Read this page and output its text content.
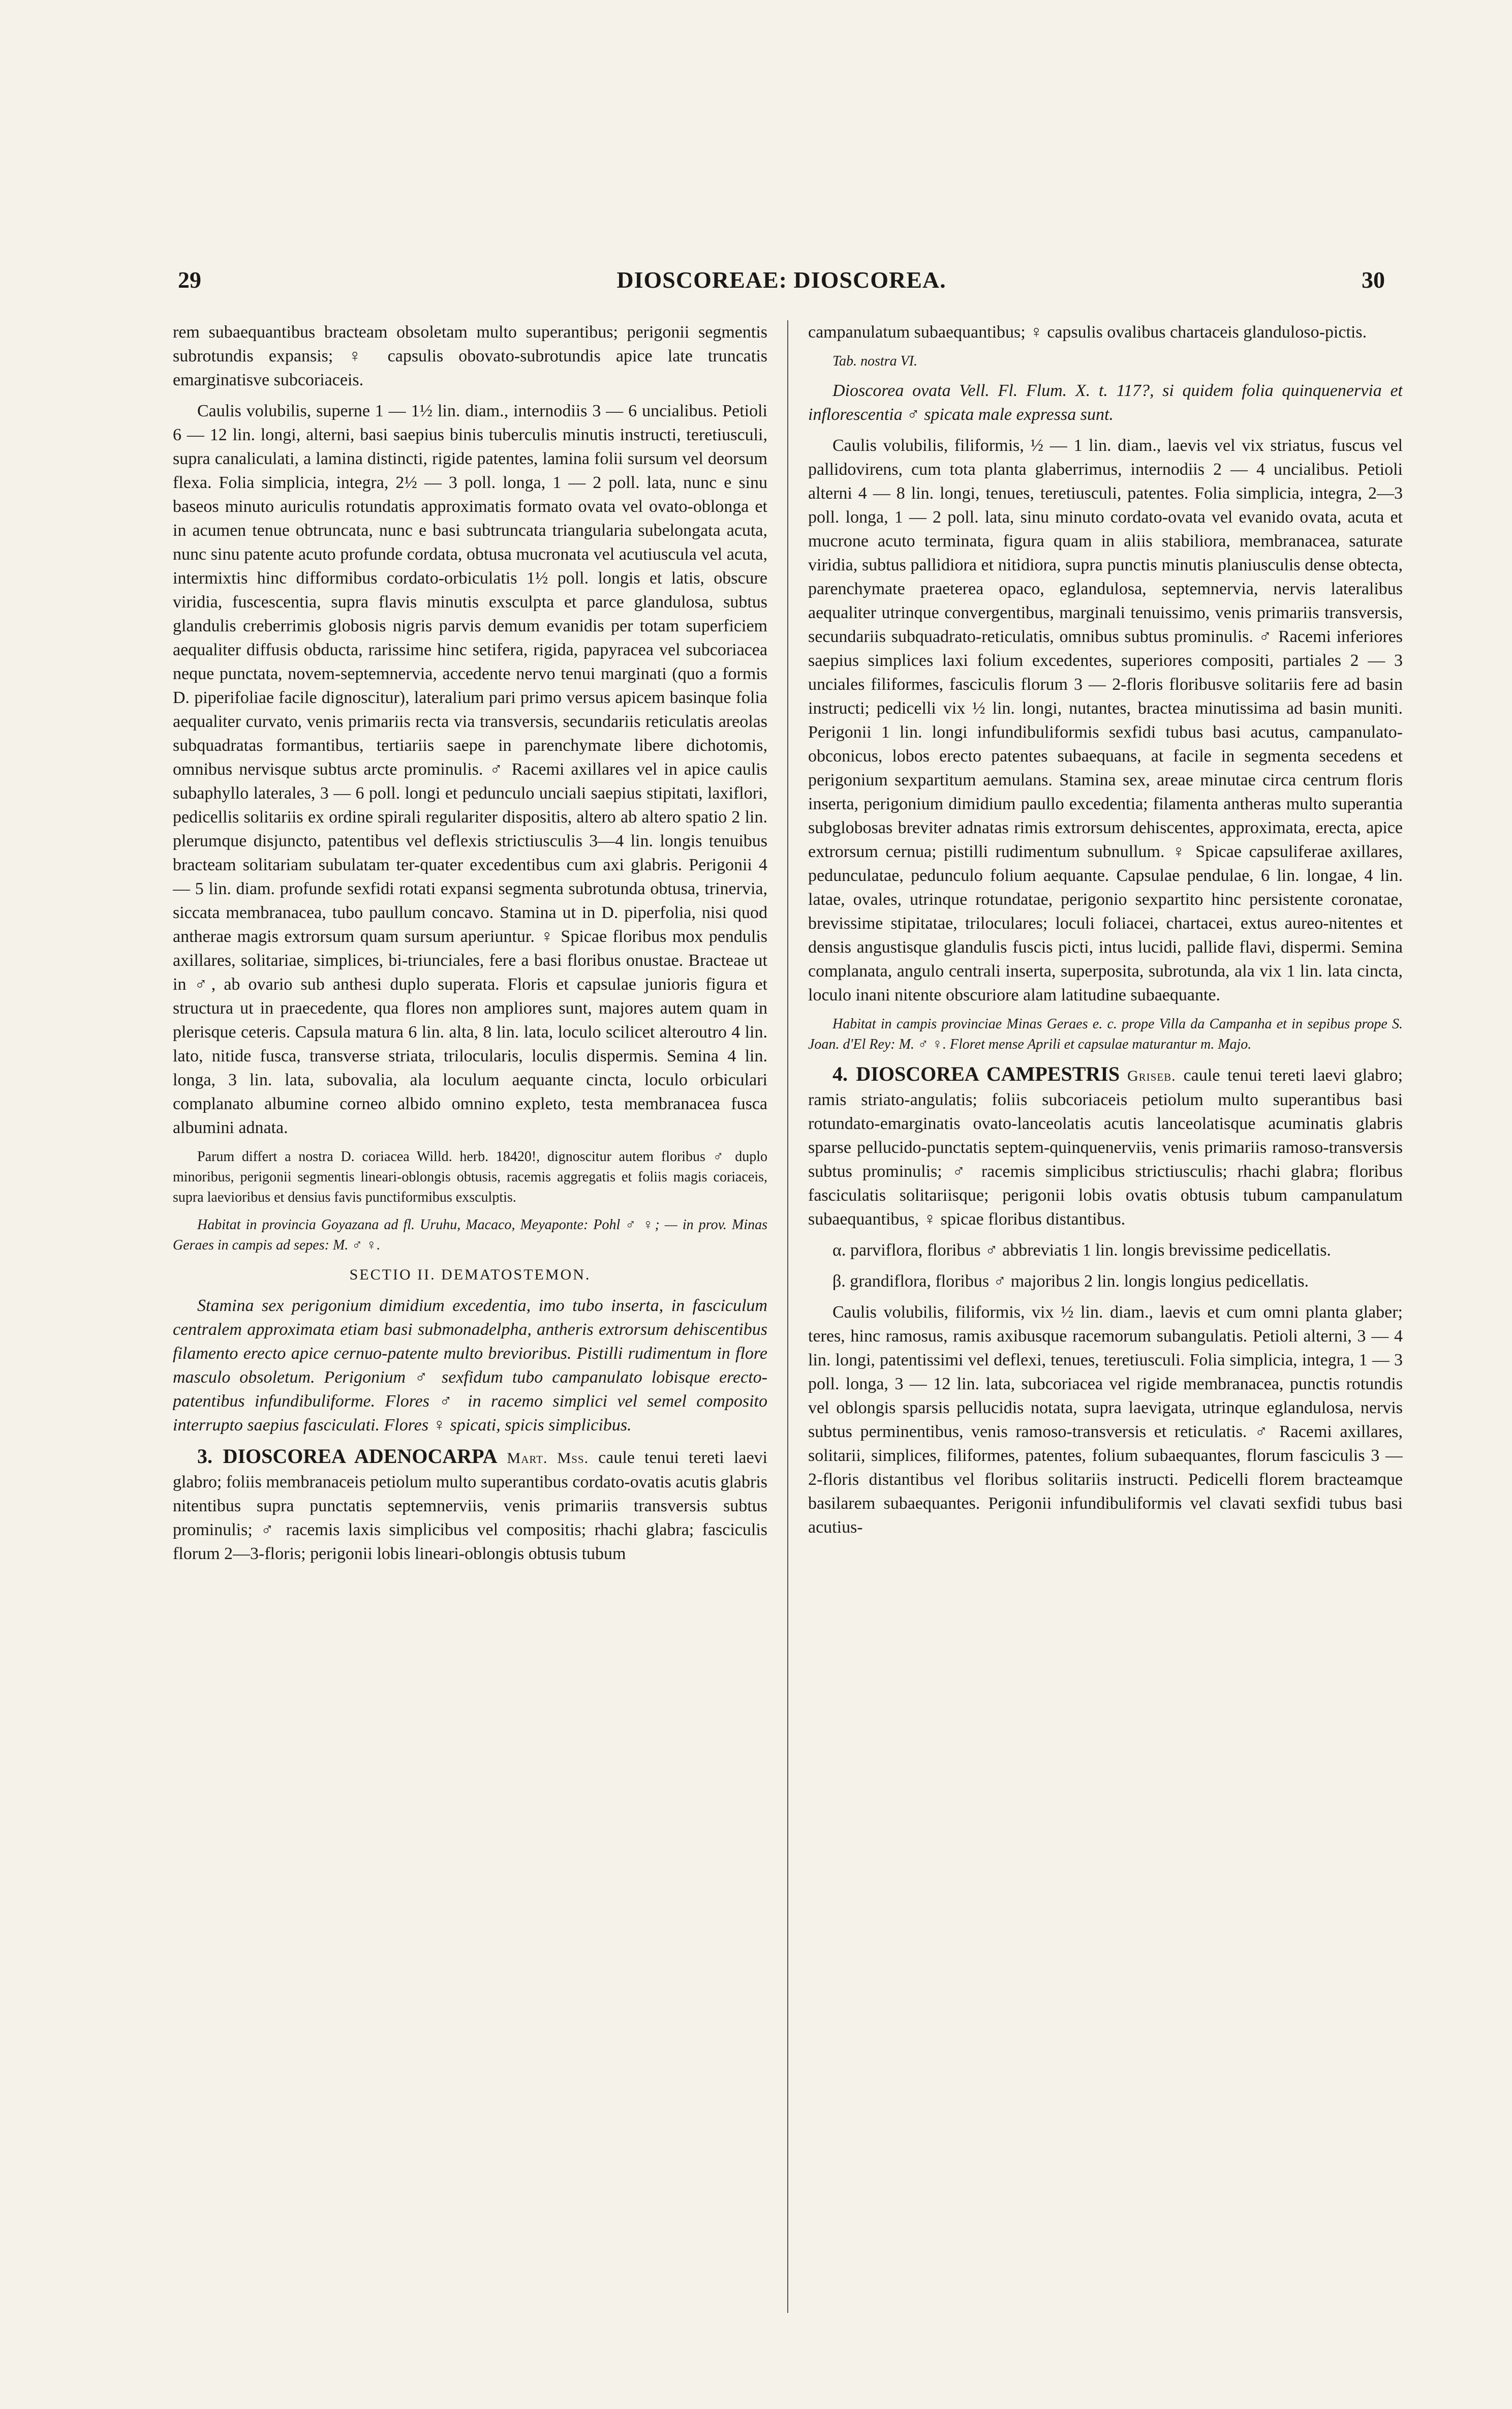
29	DIOSCOREAE: DIOSCOREA.	30

rem subaequantibus bracteam obsoletam multo superantibus; perigonii segmentis subrotundis expansis; ♀ capsulis obovato-subrotundis apice late truncatis emarginatisve subcoriaceis.

Caulis volubilis, superne 1 — 1½ lin. diam., internodiis 3 — 6 uncialibus. Petioli 6 — 12 lin. longi, alterni, basi saepius binis tuberculis minutis instructi, teretiusculi, supra canaliculati, a lamina distincti, rigide patentes, lamina folii sursum vel deorsum flexa. Folia simplicia, integra, 2½ — 3 poll. longa, 1 — 2 poll. lata, nunc e sinu baseos minuto auriculis rotundatis approximatis formato ovata vel ovato-oblonga et in acumen tenue obtruncata, nunc e basi subtruncata triangularia subelongata acuta, nunc sinu patente acuto profunde cordata, obtusa mucronata vel acutiuscula vel acuta, intermixtis hinc difformibus cordato-orbiculatis 1½ poll. longis et latis, obscure viridia, fuscescentia, supra flavis minutis exsculpta et parce glandulosa, subtus glandulis creberrimis globosis nigris parvis demum evanidis per totam superficiem aequaliter diffusis obducta, rarissime hinc setifera, rigida, papyracea vel subcoriacea neque punctata, novem-septemnervia, accedente nervo tenui marginati (quo a formis D. piperifoliae facile dignoscitur), lateralium pari primo versus apicem basinque folia aequaliter curvato, venis primariis recta via transversis, secundariis reticulatis areolas subquadratas formantibus, tertiariis saepe in parenchymate libere dichotomis, omnibus nervisque subtus arcte prominulis. ♂ Racemi axillares vel in apice caulis subaphyllo laterales, 3 — 6 poll. longi et pedunculo unciali saepius stipitati, laxiflori, pedicellis solitariis ex ordine spirali regulariter dispositis, altero ab altero spatio 2 lin. plerumque disjuncto, patentibus vel deflexis strictiusculis 3—4 lin. longis tenuibus bracteam solitariam subulatam ter-quater excedentibus cum axi glabris. Perigonii 4 — 5 lin. diam. profunde sexfidi rotati expansi segmenta subrotunda obtusa, trinervia, siccata membranacea, tubo paullum concavo. Stamina ut in D. piperfolia, nisi quod antherae magis extrorsum quam sursum aperiuntur. ♀ Spicae floribus mox pendulis axillares, solitariae, simplices, bi-triunciales, fere a basi floribus onustae. Bracteae ut in ♂, ab ovario sub anthesi duplo superata. Floris et capsulae junioris figura et structura ut in praecedente, qua flores non ampliores sunt, majores autem quam in plerisque ceteris. Capsula matura 6 lin. alta, 8 lin. lata, loculo scilicet alteroutro 4 lin. lato, nitide fusca, transverse striata, trilocularis, loculis dispermis. Semina 4 lin. longa, 3 lin. lata, subovalia, ala loculum aequante cincta, loculo orbiculari complanato albumine corneo albido omnino expleto, testa membranacea fusca albumini adnata.

Parum differt a nostra D. coriacea Willd. herb. 18420!, dignoscitur autem floribus ♂ duplo minoribus, perigonii segmentis lineari-oblongis obtusis, racemis aggregatis et foliis magis coriaceis, supra laevioribus et densius favis punctiformibus exsculptis.

Habitat in provincia Goyazana ad fl. Uruhu, Macaco, Meyaponte: Pohl ♂ ♀; — in prov. Minas Geraes in campis ad sepes: M. ♂ ♀.

SECTIO II. DEMATOSTEMON.

Stamina sex perigonium dimidium excedentia, imo tubo inserta, in fasciculum centralem approximata etiam basi submonadelpha, antheris extrorsum dehiscentibus filamento erecto apice cernuo-patente multo brevioribus. Pistilli rudimentum in flore masculo obsoletum. Perigonium ♂ sexfidum tubo campanulato lobisque erecto-patentibus infundibuliforme. Flores ♂ in racemo simplici vel semel composito interrupto saepius fasciculati. Flores ♀ spicati, spicis simplicibus.

3. DIOSCOREA ADENOCARPA Mart. Mss. caule tenui tereti laevi glabro; foliis membranaceis petiolum multo superantibus cordato-ovatis acutis glabris nitentibus supra punctatis septemnerviis, venis primariis transversis subtus prominulis; ♂ racemis laxis simplicibus vel compositis; rhachi glabra; fasciculis florum 2—3-floris; perigonii lobis lineari-oblongis obtusis tubum

campanulatum subaequantibus; ♀ capsulis ovalibus chartaceis glanduloso-pictis.

Tab. nostra VI.

Dioscorea ovata Vell. Fl. Flum. X. t. 117?, si quidem folia quinquenervia et inflorescentia ♂ spicata male expressa sunt.

Caulis volubilis, filiformis, ½ — 1 lin. diam., laevis vel vix striatus, fuscus vel pallidovirens, cum tota planta glaberrimus, internodiis 2 — 4 uncialibus. Petioli alterni 4 — 8 lin. longi, tenues, teretiusculi, patentes. Folia simplicia, integra, 2—3 poll. longa, 1 — 2 poll. lata, sinu minuto cordato-ovata vel evanido ovata, acuta et mucrone acuto terminata, figura quam in aliis stabiliora, membranacea, saturate viridia, subtus pallidiora et nitidiora, supra punctis minutis planiusculis dense obtecta, parenchymate praeterea opaco, eglandulosa, septemnervia, nervis lateralibus aequaliter utrinque convergentibus, marginali tenuissimo, venis primariis transversis, secundariis subquadrato-reticulatis, omnibus subtus prominulis. ♂ Racemi inferiores saepius simplices laxi folium excedentes, superiores compositi, partiales 2 — 3 unciales filiformes, fasciculis florum 3 — 2-floris floribusve solitariis fere ad basin instructi; pedicelli vix ½ lin. longi, nutantes, bractea minutissima ad basin muniti. Perigonii 1 lin. longi infundibuliformis sexfidi tubus basi acutus, campanulato-obconicus, lobos erecto patentes subaequans, at facile in segmenta secedens et perigonium sexpartitum aemulans. Stamina sex, areae minutae circa centrum floris inserta, perigonium dimidium paullo excedentia; filamenta antheras multo superantia subglobosas breviter adnatas rimis extrorsum dehiscentes, approximata, erecta, apice extrorsum cernua; pistilli rudimentum subnullum. ♀ Spicae capsuliferae axillares, pedunculatae, pedunculo folium aequante. Capsulae pendulae, 6 lin. longae, 4 lin. latae, ovales, utrinque rotundatae, perigonio sexpartito hinc persistente coronatae, brevissime stipitatae, triloculares; loculi foliacei, chartacei, extus aureo-nitentes et densis angustisque glandulis fuscis picti, intus lucidi, pallide flavi, dispermi. Semina complanata, angulo centrali inserta, superposita, subrotunda, ala vix 1 lin. lata cincta, loculo inani nitente obscuriore alam latitudine subaequante.

Habitat in campis provinciae Minas Geraes e. c. prope Villa da Campanha et in sepibus prope S. Joan. d'El Rey: M. ♂ ♀. Floret mense Aprili et capsulae maturantur m. Majo.

4. DIOSCOREA CAMPESTRIS Griseb. caule tenui tereti laevi glabro; ramis striato-angulatis; foliis subcoriaceis petiolum multo superantibus basi rotundato-emarginatis ovato-lanceolatis acutis lanceolatisque acuminatis glabris sparse pellucido-punctatis septem-quinquenerviis, venis primariis ramoso-transversis subtus prominulis; ♂ racemis simplicibus strictiusculis; rhachi glabra; floribus fasciculatis solitariisque; perigonii lobis ovatis obtusis tubum campanulatum subaequantibus, ♀ spicae floribus distantibus.

α. parviflora, floribus ♂ abbreviatis 1 lin. longis brevissime pedicellatis.

β. grandiflora, floribus ♂ majoribus 2 lin. longis longius pedicellatis.

Caulis volubilis, filiformis, vix ½ lin. diam., laevis et cum omni planta glaber; teres, hinc ramosus, ramis axibusque racemorum subangulatis. Petioli alterni, 3 — 4 lin. longi, patentissimi vel deflexi, tenues, teretiusculi. Folia simplicia, integra, 1 — 3 poll. longa, 3 — 12 lin. lata, subcoriacea vel rigide membranacea, punctis rotundis vel oblongis sparsis pellucidis notata, supra laevigata, utrinque eglandulosa, nervis subtus perminentibus, venis ramoso-transversis et reticulatis. ♂ Racemi axillares, solitarii, simplices, filiformes, patentes, folium subaequantes, florum fasciculis 3 — 2-floris distantibus vel floribus solitariis instructi. Pedicelli florem bracteamque basilarem subaequantes. Perigonii infundibuliformis vel clavati sexfidi tubus basi acutius-
